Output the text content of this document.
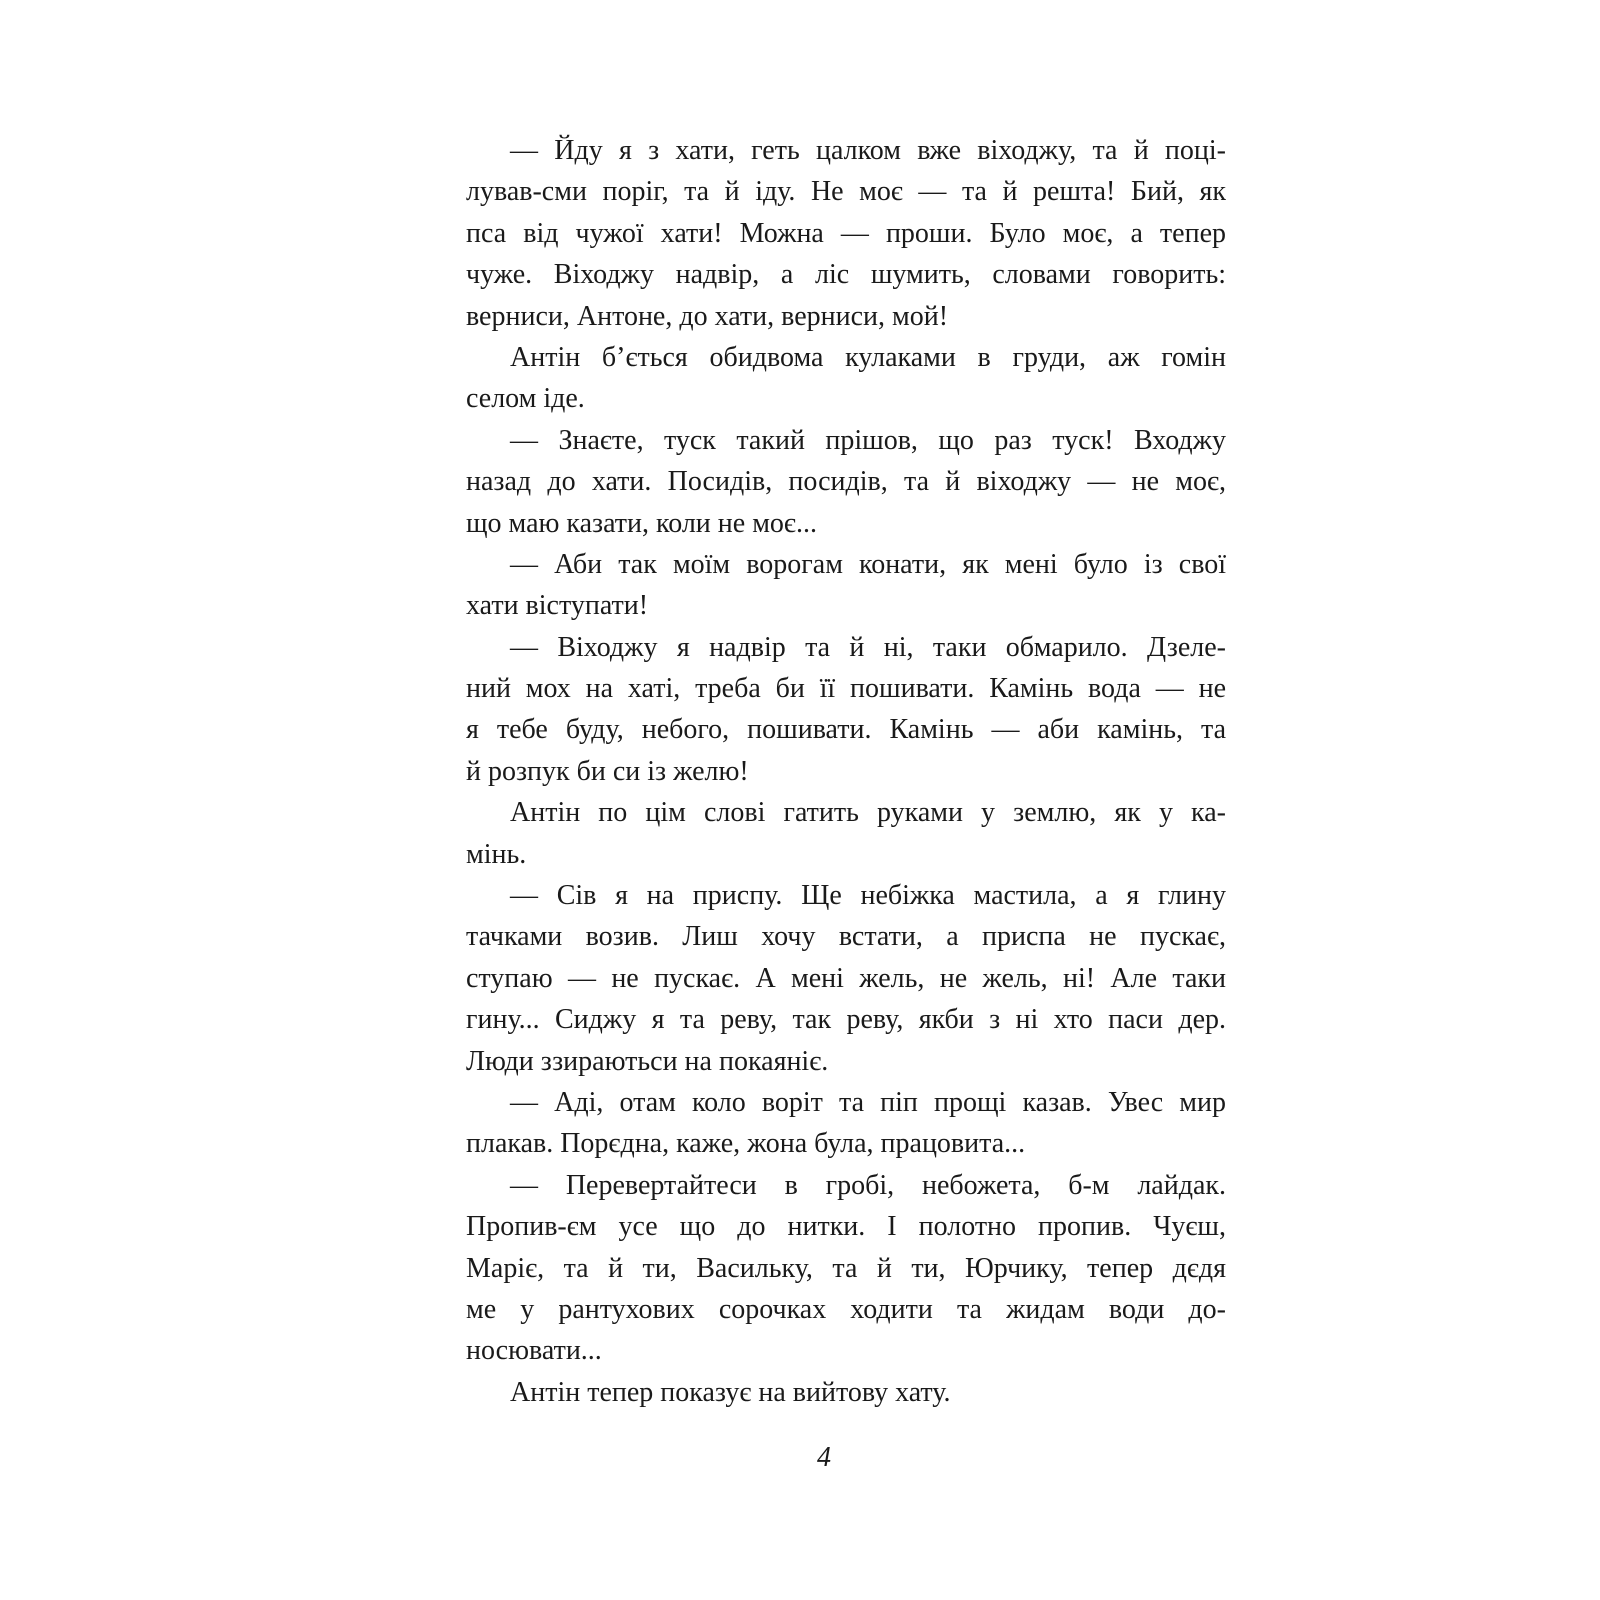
— Йду я з хати, геть цалком вже віходжу, та й поці-
лував-сми поріг, та й іду. Не моє — та й решта! Бий, як
пса від чужої хати! Можна — проши. Було моє, а тепер
чуже. Віходжу надвір, а ліс шумить, словами говорить:
верниси, Антоне, до хати, верниси, мой!
Антін б’ється обидвома кулаками в груди, аж гомін
селом іде.
— Знаєте, туск такий прішов, що раз туск! Входжу
назад до хати. Посидів, посидів, та й віходжу — не моє,
що маю казати, коли не моє...
— Аби так моїм ворогам конати, як мені було із свої
хати віступати!
— Віходжу я надвір та й ні, таки обмарило. Дзеле-
ний мох на хаті, треба би її пошивати. Камінь вода — не
я тебе буду, небого, пошивати. Камінь — аби камінь, та
й розпук би си із желю!
Антін по цім слові гатить руками у землю, як у ка-
мінь.
— Сів я на приспу. Ще небіжка мастила, а я глину
тачками возив. Лиш хочу встати, а приспа не пускає,
ступаю — не пускає. А мені жель, не жель, ні! Але таки
гину... Сиджу я та реву, так реву, якби з ні хто паси дер.
Люди ззираютьси на покаяніє.
— Аді, отам коло воріт та піп прощі казав. Увес мир
плакав. Порєдна, каже, жона була, працовита...
— Перевертайтеси в гробі, небожета, б-м лайдак.
Пропив-єм усе що до нитки. І полотно пропив. Чуєш,
Маріє, та й ти, Васильку, та й ти, Юрчику, тепер дєдя
ме у рантухових сорочках ходити та жидам води до-
носювати...
Антін тепер показує на вийтову хату.
4
